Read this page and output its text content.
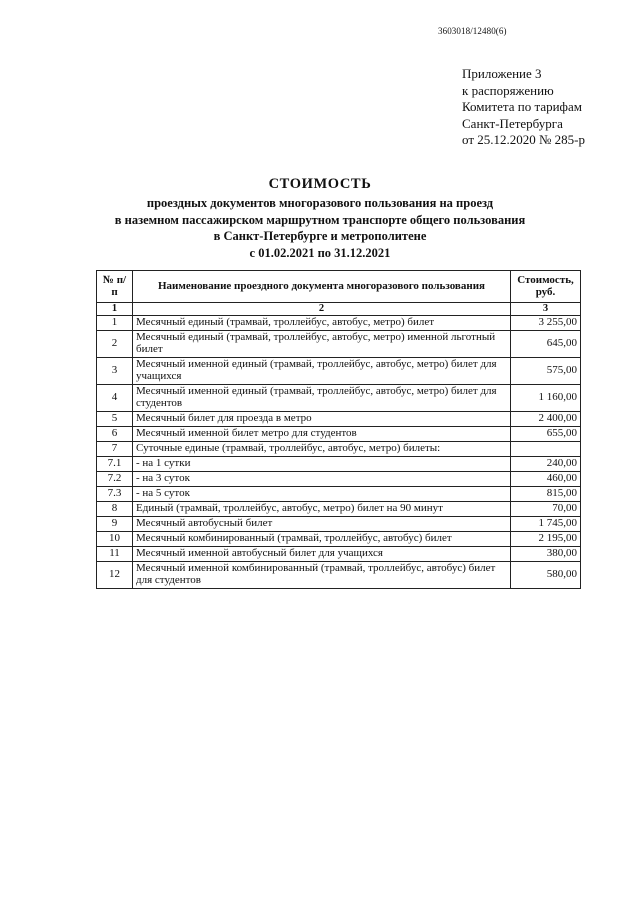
3603018/12480(6)
Приложение 3
к распоряжению
Комитета по тарифам
Санкт-Петербурга
от 25.12.2020 № 285-р
СТОИМОСТЬ
проездных документов многоразового пользования на проезд
в наземном пассажирском маршрутном транспорте общего пользования
в Санкт-Петербурге и метрополитене
с 01.02.2021 по 31.12.2021
№ п/п	Наименование проездного документа многоразового пользования	Стоимость, руб.
1	2	3
1	Месячный единый (трамвай, троллейбус, автобус, метро) билет	3 255,00
2	Месячный единый (трамвай, троллейбус, автобус, метро) именной льготный билет	645,00
3	Месячный именной единый (трамвай, троллейбус, автобус, метро) билет для учащихся	575,00
4	Месячный именной единый (трамвай, троллейбус, автобус, метро) билет для студентов	1 160,00
5	Месячный билет для проезда в метро	2 400,00
6	Месячный именной билет метро для студентов	655,00
7	Суточные единые (трамвай, троллейбус, автобус, метро) билеты:	
7.1	- на 1 сутки	240,00
7.2	- на 3 суток	460,00
7.3	- на 5 суток	815,00
8	Единый (трамвай, троллейбус, автобус, метро) билет на 90 минут	70,00
9	Месячный автобусный билет	1 745,00
10	Месячный комбинированный (трамвай, троллейбус, автобус) билет	2 195,00
11	Месячный именной автобусный билет для учащихся	380,00
12	Месячный именной комбинированный (трамвай, троллейбус, автобус) билет для студентов	580,00
